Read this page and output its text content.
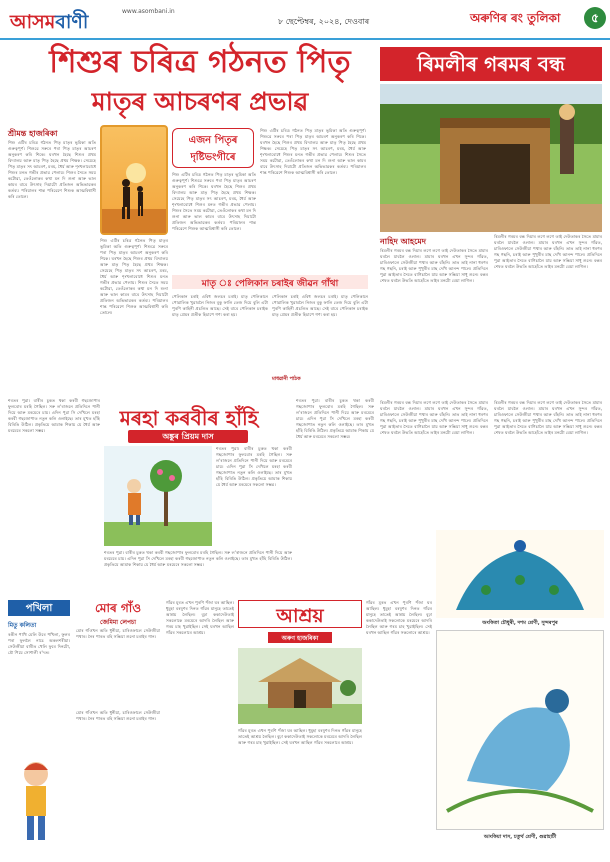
আসমবাণী	www.asombani.in
৮ ছেপ্টেম্বৰ, ২০২৪, দেওবাৰ	অৰুণিৰ ৰং তুলিকা	৫
শিশুৰ চৰিত্ৰ গঠনত পিতৃ
মাতৃৰ আচৰণৰ প্ৰভাৱ
ৰিমলীৰ গৰমৰ বন্ধ
শ্ৰীমন্ত হাজৰিকা
শিশু এটিৰ চৰিত্ৰ গঠনত পিতৃ মাতৃৰ ভূমিকা অতি গুৰুত্বপূৰ্ণ। শিশুৱে সৰুৰে পৰা পিতৃ মাতৃৰ আচৰণ অনুকৰণ কৰি শিকে। ঘৰখন হৈছে শিশুৰ প্ৰথম বিদ্যালয় আৰু মাতৃ পিতৃ হৈছে প্ৰথম শিক্ষক। সেয়েহে পিতৃ মাতৃৰ সৎ আচৰণ, মৰম, ধৈৰ্য আৰু শৃংখলাবোধে শিশুৰ মনত গভীৰ প্ৰভাৱ পেলায়। শিশুৰ সৈতে সময় কটোৱা, তেওঁলোকৰ কথা মন দি শুনা আৰু ভাল কামৰ বাবে উৎসাহ দিয়াটো প্ৰতিজন অভিভাৱকৰ কৰ্তব্য। পৰিয়ালৰ শান্ত পৰিৱেশে শিশুক আত্মবিশ্বাসী কৰি তোলে।
এজন পিতৃৰ দৃষ্টিভংগীৰে
শিশু এটিৰ চৰিত্ৰ গঠনত পিতৃ মাতৃৰ ভূমিকা অতি গুৰুত্বপূৰ্ণ। শিশুৱে সৰুৰে পৰা পিতৃ মাতৃৰ আচৰণ অনুকৰণ কৰি শিকে। ঘৰখন হৈছে শিশুৰ প্ৰথম বিদ্যালয় আৰু মাতৃ পিতৃ হৈছে প্ৰথম শিক্ষক। সেয়েহে পিতৃ মাতৃৰ সৎ আচৰণ, মৰম, ধৈৰ্য আৰু শৃংখলাবোধে শিশুৰ মনত গভীৰ প্ৰভাৱ পেলায়। শিশুৰ সৈতে সময় কটোৱা, তেওঁলোকৰ কথা মন দি শুনা আৰু ভাল কামৰ বাবে উৎসাহ দিয়াটো প্ৰতিজন অভিভাৱকৰ কৰ্তব্য। পৰিয়ালৰ শান্ত পৰিৱেশে শিশুক আত্মবিশ্বাসী কৰি তোলে।
শিশু এটিৰ চৰিত্ৰ গঠনত পিতৃ মাতৃৰ ভূমিকা অতি গুৰুত্বপূৰ্ণ। শিশুৱে সৰুৰে পৰা পিতৃ মাতৃৰ আচৰণ অনুকৰণ কৰি শিকে। ঘৰখন হৈছে শিশুৰ প্ৰথম বিদ্যালয় আৰু মাতৃ পিতৃ হৈছে প্ৰথম শিক্ষক। সেয়েহে পিতৃ মাতৃৰ সৎ আচৰণ, মৰম, ধৈৰ্য আৰু শৃংখলাবোধে শিশুৰ মনত গভীৰ প্ৰভাৱ পেলায়। শিশুৰ সৈতে সময় কটোৱা, তেওঁলোকৰ কথা মন দি শুনা আৰু ভাল কামৰ বাবে উৎসাহ দিয়াটো প্ৰতিজন অভিভাৱকৰ কৰ্তব্য। পৰিয়ালৰ শান্ত পৰিৱেশে শিশুক আত্মবিশ্বাসী কৰি তোলে।
শিশু এটিৰ চৰিত্ৰ গঠনত পিতৃ মাতৃৰ ভূমিকা অতি গুৰুত্বপূৰ্ণ। শিশুৱে সৰুৰে পৰা পিতৃ মাতৃৰ আচৰণ অনুকৰণ কৰি শিকে। ঘৰখন হৈছে শিশুৰ প্ৰথম বিদ্যালয় আৰু মাতৃ পিতৃ হৈছে প্ৰথম শিক্ষক। সেয়েহে পিতৃ মাতৃৰ সৎ আচৰণ, মৰম, ধৈৰ্য আৰু শৃংখলাবোধে শিশুৰ মনত গভীৰ প্ৰভাৱ পেলায়। শিশুৰ সৈতে সময় কটোৱা, তেওঁলোকৰ কথা মন দি শুনা আৰু ভাল কামৰ বাবে উৎসাহ দিয়াটো প্ৰতিজন অভিভাৱকৰ কৰ্তব্য। পৰিয়ালৰ শান্ত পৰিৱেশে শিশুক আত্মবিশ্বাসী কৰি তোলে।
মাতৃ ঃ পেলিকান চৰাইৰ জীৱন গাঁথা
পেলিকান চৰাই এবিধ জলচৰ চৰাই। মাতৃ পেলিকানে পোৱালিক খুৱাবলৈ নিজৰ বুকু ফালি তেজ দিয়ে বুলি এটা পুৰণি কাহিনী প্ৰচলিত আছে। সেই বাবে পেলিকান চৰাইক মাতৃ প্ৰেমৰ প্ৰতীক হিচাপে গণ্য কৰা হয়।
পেলিকান চৰাই এবিধ জলচৰ চৰাই। মাতৃ পেলিকানে পোৱালিক খুৱাবলৈ নিজৰ বুকু ফালি তেজ দিয়ে বুলি এটা পুৰণি কাহিনী প্ৰচলিত আছে। সেই বাবে পেলিকান চৰাইক মাতৃ প্ৰেমৰ প্ৰতীক হিচাপে গণ্য কৰা হয়।
মাধৱানী পাঠক
নাহিদ আহমেদ
ৰিমলীৰ গৰমৰ বন্ধ দিয়াৰ লগে লগে তাই দেউতাকৰ সৈতে মামাৰ ঘৰলৈ যাবলৈ ওলাল। মামাৰ ঘৰখন এখন সুন্দৰ গাঁৱত, চাৰিওফালে সেউজীয়া পথাৰ আৰু বাঁহনি। তাত তাই নানা ধৰণৰ গছ গছনি, চৰাই আৰু পুখুৰীৰ মাছ দেখি আনন্দ পালে। প্ৰতিদিনে পুৱা আইতাৰ সৈতে বাগিচালৈ যায় আৰু সন্ধিয়া সাধু শুনে। বন্ধৰ শেষত ঘৰলৈ উভতি আহোঁতে তাইৰ মনটো বেয়া লাগিল।
ৰিমলীৰ গৰমৰ বন্ধ দিয়াৰ লগে লগে তাই দেউতাকৰ সৈতে মামাৰ ঘৰলৈ যাবলৈ ওলাল। মামাৰ ঘৰখন এখন সুন্দৰ গাঁৱত, চাৰিওফালে সেউজীয়া পথাৰ আৰু বাঁহনি। তাত তাই নানা ধৰণৰ গছ গছনি, চৰাই আৰু পুখুৰীৰ মাছ দেখি আনন্দ পালে। প্ৰতিদিনে পুৱা আইতাৰ সৈতে বাগিচালৈ যায় আৰু সন্ধিয়া সাধু শুনে। বন্ধৰ শেষত ঘৰলৈ উভতি আহোঁতে তাইৰ মনটো বেয়া লাগিল।
ৰিমলীৰ গৰমৰ বন্ধ দিয়াৰ লগে লগে তাই দেউতাকৰ সৈতে মামাৰ ঘৰলৈ যাবলৈ ওলাল। মামাৰ ঘৰখন এখন সুন্দৰ গাঁৱত, চাৰিওফালে সেউজীয়া পথাৰ আৰু বাঁহনি। তাত তাই নানা ধৰণৰ গছ গছনি, চৰাই আৰু পুখুৰীৰ মাছ দেখি আনন্দ পালে। প্ৰতিদিনে পুৱা আইতাৰ সৈতে বাগিচালৈ যায় আৰু সন্ধিয়া সাধু শুনে। বন্ধৰ শেষত ঘৰলৈ উভতি আহোঁতে তাইৰ মনটো বেয়া লাগিল।
ৰিমলীৰ গৰমৰ বন্ধ দিয়াৰ লগে লগে তাই দেউতাকৰ সৈতে মামাৰ ঘৰলৈ যাবলৈ ওলাল। মামাৰ ঘৰখন এখন সুন্দৰ গাঁৱত, চাৰিওফালে সেউজীয়া পথাৰ আৰু বাঁহনি। তাত তাই নানা ধৰণৰ গছ গছনি, চৰাই আৰু পুখুৰীৰ মাছ দেখি আনন্দ পালে। প্ৰতিদিনে পুৱা আইতাৰ সৈতে বাগিচালৈ যায় আৰু সন্ধিয়া সাধু শুনে। বন্ধৰ শেষত ঘৰলৈ উভতি আহোঁতে তাইৰ মনটো বেয়া লাগিল।
শৰতৰ পুৱা। বাৰীৰ চুকত থকা কৰবী গছজোপাৰ ফুলবোৰ মৰহি গৈছিল। সৰু ল'ৰাজনে প্ৰতিদিনে পানী দিয়ে আৰু মৰমেৰে চায়। এদিন পুৱা সি দেখিলে মৰহা কৰবী গছজোপাত নতুন কলি ওলাইছে। তাৰ মুখত হাঁহি বিৰিঙি উঠিল। প্ৰকৃতিয়ে আমাক শিকায় যে ধৈৰ্য আৰু মৰমেৰে সকলো সম্ভৱ।
মৰহা কৰবীৰ হাঁহি
অঙ্কুৰ প্ৰিয়ম দাস
শৰতৰ পুৱা। বাৰীৰ চুকত থকা কৰবী গছজোপাৰ ফুলবোৰ মৰহি গৈছিল। সৰু ল'ৰাজনে প্ৰতিদিনে পানী দিয়ে আৰু মৰমেৰে চায়। এদিন পুৱা সি দেখিলে মৰহা কৰবী গছজোপাত নতুন কলি ওলাইছে। তাৰ মুখত হাঁহি বিৰিঙি উঠিল। প্ৰকৃতিয়ে আমাক শিকায় যে ধৈৰ্য আৰু মৰমেৰে সকলো সম্ভৱ।
শৰতৰ পুৱা। বাৰীৰ চুকত থকা কৰবী গছজোপাৰ ফুলবোৰ মৰহি গৈছিল। সৰু ল'ৰাজনে প্ৰতিদিনে পানী দিয়ে আৰু মৰমেৰে চায়। এদিন পুৱা সি দেখিলে মৰহা কৰবী গছজোপাত নতুন কলি ওলাইছে। তাৰ মুখত হাঁহি বিৰিঙি উঠিল। প্ৰকৃতিয়ে আমাক শিকায় যে ধৈৰ্য আৰু মৰমেৰে সকলো সম্ভৱ।
শৰতৰ পুৱা। বাৰীৰ চুকত থকা কৰবী গছজোপাৰ ফুলবোৰ মৰহি গৈছিল। সৰু ল'ৰাজনে প্ৰতিদিনে পানী দিয়ে আৰু মৰমেৰে চায়। এদিন পুৱা সি দেখিলে মৰহা কৰবী গছজোপাত নতুন কলি ওলাইছে। তাৰ মুখত হাঁহি বিৰিঙি উঠিল। প্ৰকৃতিয়ে আমাক শিকায় যে ধৈৰ্য আৰু মৰমেৰে সকলো সম্ভৱ।
পখিলা
মিতু কলিতা
ৰঙীন পাখি মেলি উৰে পখিলা, ফুলৰ পৰা ফুললৈ নাচে অকলশৰীয়া। সেউজীয়া বাৰীত খেলি ফুৰে দিনটো, মৌ পিয়ে সোণালী ৰ'দত।
মোৰ গাঁও
জেমিমা লেপচা
মোৰ গাঁওখন অতি ধুনীয়া, চাৰিওফালে সেউজীয়া পথাৰ। নৈৰ পাৰত বহি সন্ধিয়া শুনো চৰাইৰ গান।
মোৰ গাঁওখন অতি ধুনীয়া, চাৰিওফালে সেউজীয়া পথাৰ। নৈৰ পাৰত বহি সন্ধিয়া শুনো চৰাইৰ গান।
গাঁৱৰ মূৰত এখন পুৰণি পঁজা ঘৰ আছিল। ধুমুহা বৰষুণৰ দিনত গাঁৱৰ মানুহে তাতেই আশ্ৰয় লৈছিল। বুঢ়া ককাদেউতাই সকলোকে মৰমেৰে আদৰি লৈছিল আৰু গৰম চাহ খুৱাইছিল। সেই ঘৰখন আছিল গাঁৱৰ সকলোৰে আশ্ৰয়।
আশ্ৰয়
অৰুণ হাজৰিকা
গাঁৱৰ মূৰত এখন পুৰণি পঁজা ঘৰ আছিল। ধুমুহা বৰষুণৰ দিনত গাঁৱৰ মানুহে তাতেই আশ্ৰয় লৈছিল। বুঢ়া ককাদেউতাই সকলোকে মৰমেৰে আদৰি লৈছিল আৰু গৰম চাহ খুৱাইছিল। সেই ঘৰখন আছিল গাঁৱৰ সকলোৰে আশ্ৰয়।
গাঁৱৰ মূৰত এখন পুৰণি পঁজা ঘৰ আছিল। ধুমুহা বৰষুণৰ দিনত গাঁৱৰ মানুহে তাতেই আশ্ৰয় লৈছিল। বুঢ়া ককাদেউতাই সকলোকে মৰমেৰে আদৰি লৈছিল আৰু গৰম চাহ খুৱাইছিল। সেই ঘৰখন আছিল গাঁৱৰ সকলোৰে আশ্ৰয়।
অংকিতা চৌধুৰী, দশম শ্ৰেণী, সুন্দৰপুৰ
আংকিয়া দাস, চতুৰ্থ শ্ৰেণী, গুৱাহাটী
